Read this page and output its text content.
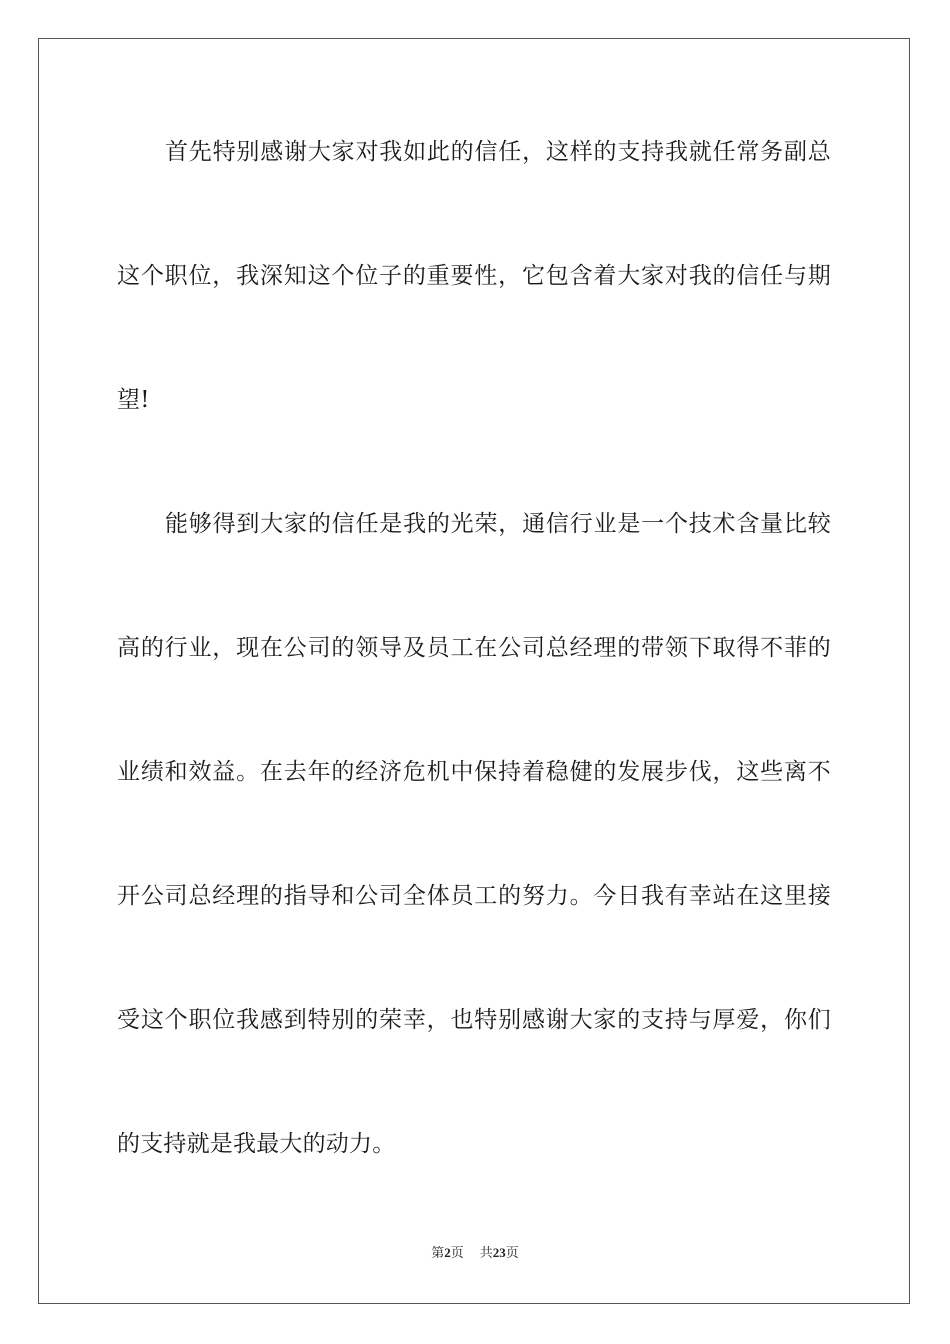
首先特别感谢大家对我如此的信任，这样的支持我就任常务副总
这个职位，我深知这个位子的重要性，它包含着大家对我的信任与期
望!
能够得到大家的信任是我的光荣，通信行业是一个技术含量比较
高的行业，现在公司的领导及员工在公司总经理的带领下取得不菲的
业绩和效益。在去年的经济危机中保持着稳健的发展步伐，这些离不
开公司总经理的指导和公司全体员工的努力。今日我有幸站在这里接
受这个职位我感到特别的荣幸，也特别感谢大家的支持与厚爱，你们
的支持就是我最大的动力。
第2页 共23页
